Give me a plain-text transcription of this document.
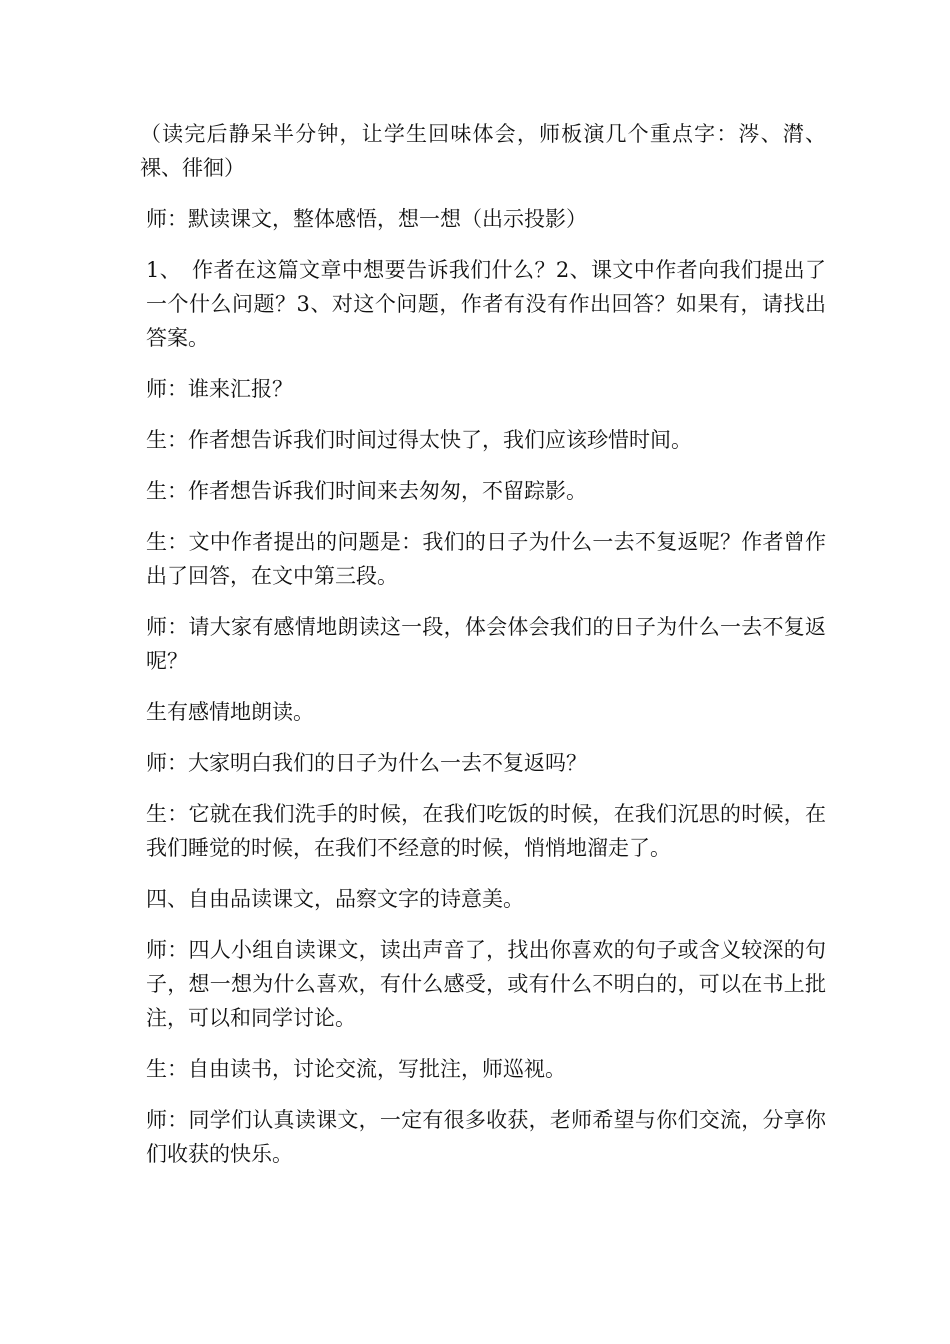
（读完后静呆半分钟，让学生回味体会，师板演几个重点字：涔、潸、裸、徘徊）

师：默读课文，整体感悟，想一想（出示投影）

1、　作者在这篇文章中想要告诉我们什么？2、课文中作者向我们提出了一个什么问题？3、对这个问题，作者有没有作出回答？如果有，请找出答案。

师：谁来汇报？

生：作者想告诉我们时间过得太快了，我们应该珍惜时间。

生：作者想告诉我们时间来去匆匆，不留踪影。

生：文中作者提出的问题是：我们的日子为什么一去不复返呢？作者曾作出了回答，在文中第三段。

师：请大家有感情地朗读这一段，体会体会我们的日子为什么一去不复返呢？

生有感情地朗读。

师：大家明白我们的日子为什么一去不复返吗？

生：它就在我们洗手的时候，在我们吃饭的时候，在我们沉思的时候，在我们睡觉的时候，在我们不经意的时候，悄悄地溜走了。

四、自由品读课文，品察文字的诗意美。

师：四人小组自读课文，读出声音了，找出你喜欢的句子或含义较深的句子，想一想为什么喜欢，有什么感受，或有什么不明白的，可以在书上批注，可以和同学讨论。

生：自由读书，讨论交流，写批注，师巡视。

师：同学们认真读课文，一定有很多收获，老师希望与你们交流，分享你们收获的快乐。
